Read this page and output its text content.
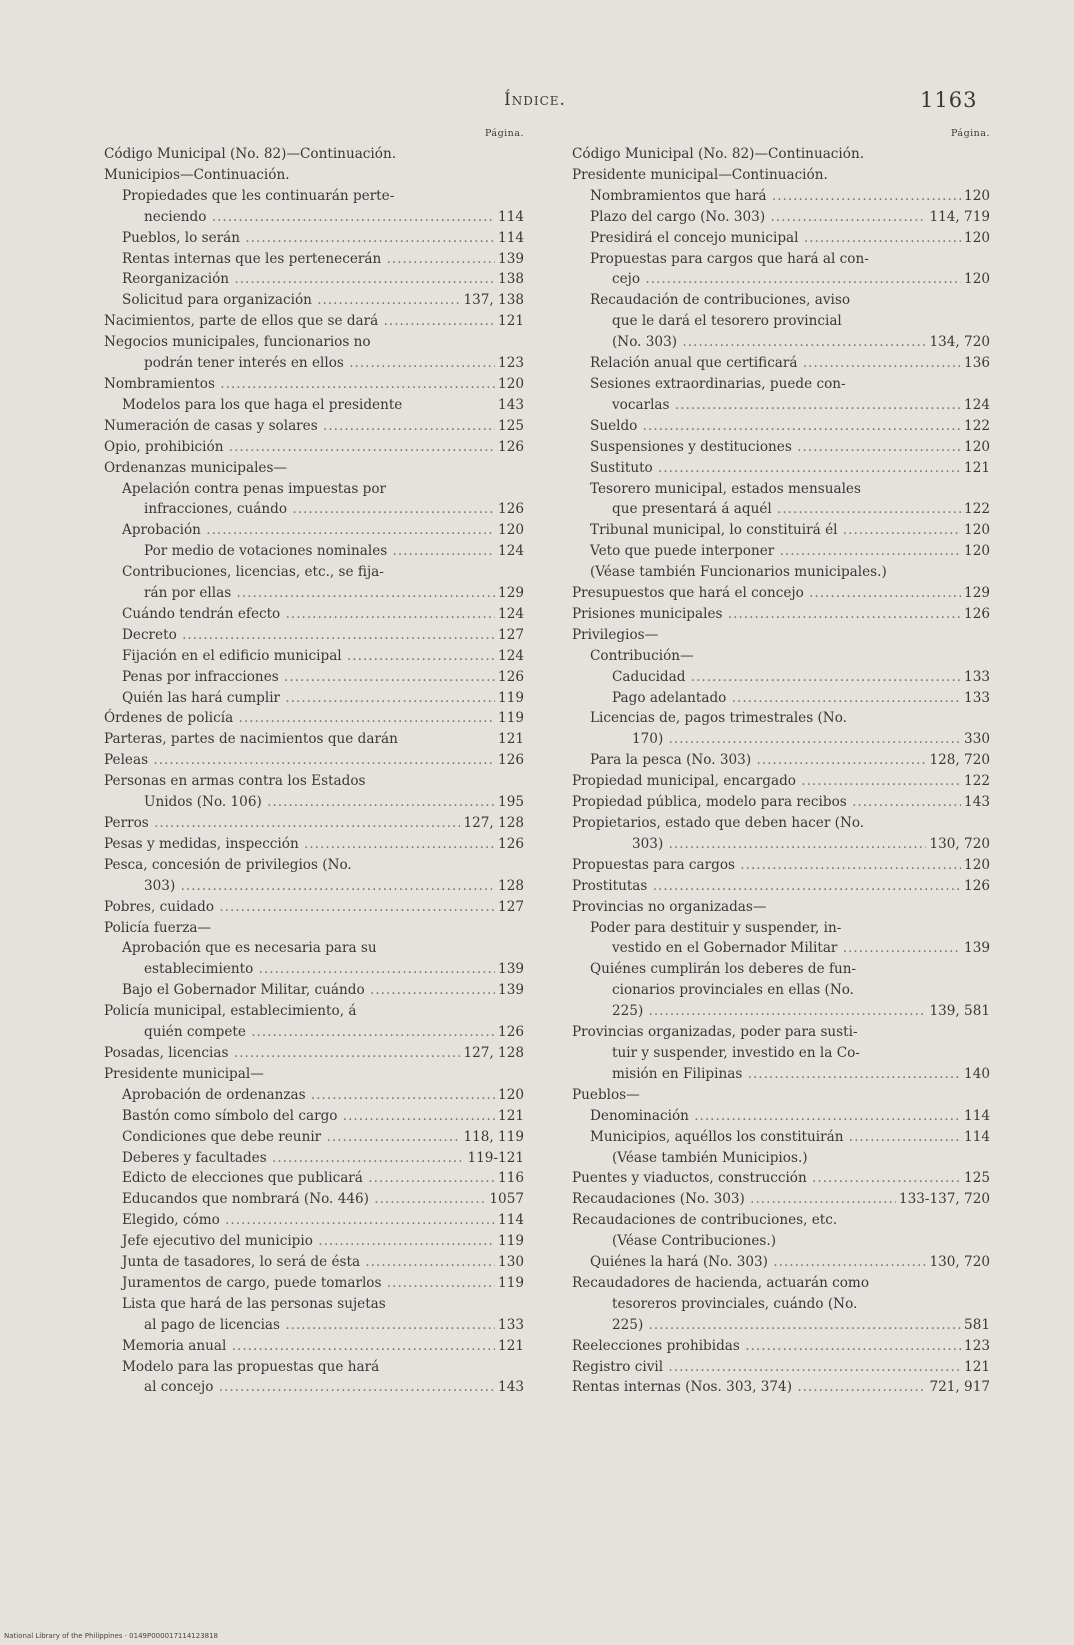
Índice.	1163
Página.
Código Municipal (No. 82)—Continuación.
Municipios—Continuación.
Propiedades que les continuarán perte-
neciendo .....	114
Pueblos, lo serán .....	114
Rentas internas que les pertenecerán .....	139
Reorganización .....	138
Solicitud para organización .....	137, 138
Nacimientos, parte de ellos que se dará .....	121
Negocios municipales, funcionarios no
podrán tener interés en ellos .....	123
Nombramientos .....	120
Modelos para los que haga el presidente	143
Numeración de casas y solares .....	125
Opio, prohibición .....	126
Ordenanzas municipales—
Apelación contra penas impuestas por
infracciones, cuándo .....	126
Aprobación .....	120
Por medio de votaciones nominales .....	124
Contribuciones, licencias, etc., se fija-
rán por ellas .....	129
Cuándo tendrán efecto .....	124
Decreto .....	127
Fijación en el edificio municipal .....	124
Penas por infracciones .....	126
Quién las hará cumplir .....	119
Órdenes de policía .....	119
Parteras, partes de nacimientos que darán	121
Peleas .....	126
Personas en armas contra los Estados
Unidos (No. 106) .....	195
Perros .....	127, 128
Pesas y medidas, inspección .....	126
Pesca, concesión de privilegios (No.
303) .....	128
Pobres, cuidado .....	127
Policía fuerza—
Aprobación que es necesaria para su
establecimiento .....	139
Bajo el Gobernador Militar, cuándo .....	139
Policía municipal, establecimiento, á
quién compete .....	126
Posadas, licencias .....	127, 128
Presidente municipal—
Aprobación de ordenanzas .....	120
Bastón como símbolo del cargo .....	121
Condiciones que debe reunir .....	118, 119
Deberes y facultades .....	119-121
Edicto de elecciones que publicará .....	116
Educandos que nombrará (No. 446) .....	1057
Elegido, cómo .....	114
Jefe ejecutivo del municipio .....	119
Junta de tasadores, lo será de ésta .....	130
Juramentos de cargo, puede tomarlos .....	119
Lista que hará de las personas sujetas
al pago de licencias .....	133
Memoria anual .....	121
Modelo para las propuestas que hará
al concejo .....	143
Página.
Código Municipal (No. 82)—Continuación.
Presidente municipal—Continuación.
Nombramientos que hará .....	120
Plazo del cargo (No. 303) .....	114, 719
Presidirá el concejo municipal .....	120
Propuestas para cargos que hará al con-
cejo .....	120
Recaudación de contribuciones, aviso
que le dará el tesorero provincial
(No. 303) .....	134, 720
Relación anual que certificará .....	136
Sesiones extraordinarias, puede con-
vocarlas .....	124
Sueldo .....	122
Suspensiones y destituciones .....	120
Sustituto .....	121
Tesorero municipal, estados mensuales
que presentará á aquél .....	122
Tribunal municipal, lo constituirá él .....	120
Veto que puede interponer .....	120
(Véase también Funcionarios municipales.)
Presupuestos que hará el concejo .....	129
Prisiones municipales .....	126
Privilegios—
Contribución—
Caducidad .....	133
Pago adelantado .....	133
Licencias de, pagos trimestrales (No.
170) .....	330
Para la pesca (No. 303) .....	128, 720
Propiedad municipal, encargado .....	122
Propiedad pública, modelo para recibos .....	143
Propietarios, estado que deben hacer (No.
303) .....	130, 720
Propuestas para cargos .....	120
Prostitutas .....	126
Provincias no organizadas—
Poder para destituir y suspender, in-
vestido en el Gobernador Militar .....	139
Quiénes cumplirán los deberes de fun-
cionarios provinciales en ellas (No.
225) .....	139, 581
Provincias organizadas, poder para susti-
tuir y suspender, investido en la Co-
misión en Filipinas .....	140
Pueblos—
Denominación .....	114
Municipios, aquéllos los constituirán .....	114
(Véase también Municipios.)
Puentes y viaductos, construcción .....	125
Recaudaciones (No. 303) .....	133-137, 720
Recaudaciones de contribuciones, etc.
(Véase Contribuciones.)
Quiénes la hará (No. 303) .....	130, 720
Recaudadores de hacienda, actuarán como
tesoreros provinciales, cuándo (No.
225) .....	581
Reelecciones prohibidas .....	123
Registro civil .....	121
Rentas internas (Nos. 303, 374) .....	721, 917
National Library of the Philippines · 0149P000017114123818
